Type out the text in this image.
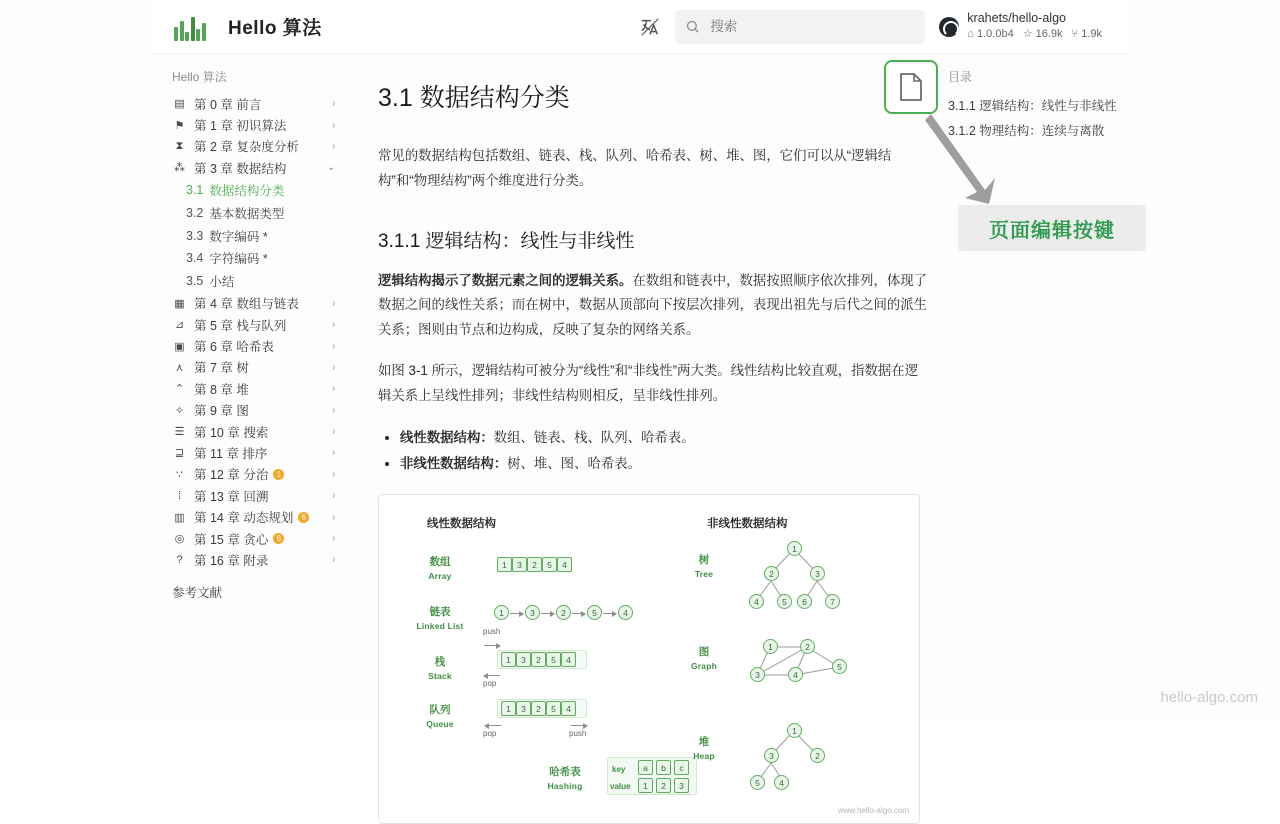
Hello 算法
搜索
krahets/hello-algo
⌂ 1.0.0b4 ☆ 16.9k ⑂ 1.9k
Hello 算法
▤ 第 0 章 前言	›
⚑ 第 1 章 初识算法	›
⧗ 第 2 章 复杂度分析	›
⁂ 第 3 章 数据结构	⌄
3.1 数据结构分类
3.2 基本数据类型
3.3 数字编码 *
3.4 字符编码 *
3.5 小结
▦ 第 4 章 数组与链表	›
⊿ 第 5 章 栈与队列	›
▣ 第 6 章 哈希表	›
⋏ 第 7 章 树	›
⌃ 第 8 章 堆	›
✧ 第 9 章 图	›
☰ 第 10 章 搜索	›
⊒ 第 11 章 排序	›
∵ 第 12 章 分治	1	›
⁞	第 13 章 回溯	›
▥ 第 14 章 动态规划	6	›
◎ 第 15 章 贪心	6	›
? 第 16 章 附录	›
参考文献
3.1 数据结构分类

常见的数据结构包括数组、链表、栈、队列、哈希表、树、堆、图，它们可以从“逻辑结构”和“物理结构”两个维度进行分类。

3.1.1 逻辑结构：线性与非线性

逻辑结构揭示了数据元素之间的逻辑关系。在数组和链表中，数据按照顺序依次排列，体现了数据之间的线性关系；而在树中，数据从顶部向下按层次排列，表现出祖先与后代之间的派生关系；图则由节点和边构成，反映了复杂的网络关系。

如图 3-1 所示，逻辑结构可被分为“线性”和“非线性”两大类。线性结构比较直观，指数据在逻辑关系上呈线性排列；非线性结构则相反，呈非线性排列。

• 线性数据结构：数组、链表、栈、队列、哈希表。
• 非线性数据结构：树、堆、图、哈希表。
线性数据结构	非线性数据结构
数组
Array
1	3	2	5	4
链表
Linked List
1	3	2	5	4
栈
Stack
push
1	3	2	5	4
pop
队列
Queue
1	3	2	5	4
pop	push
哈希表
Hashing
key
value
a	b	c
1	2	3
树
Tree
1
2	3
4	5	6	7
图
Graph
1	2
3	4
5
堆
Heap
1
3	2
5	4
www.hello-algo.com
目录
3.1.1 逻辑结构：线性与非线性
3.1.2 物理结构：连续与离散
页面编辑按键
hello-algo.com
